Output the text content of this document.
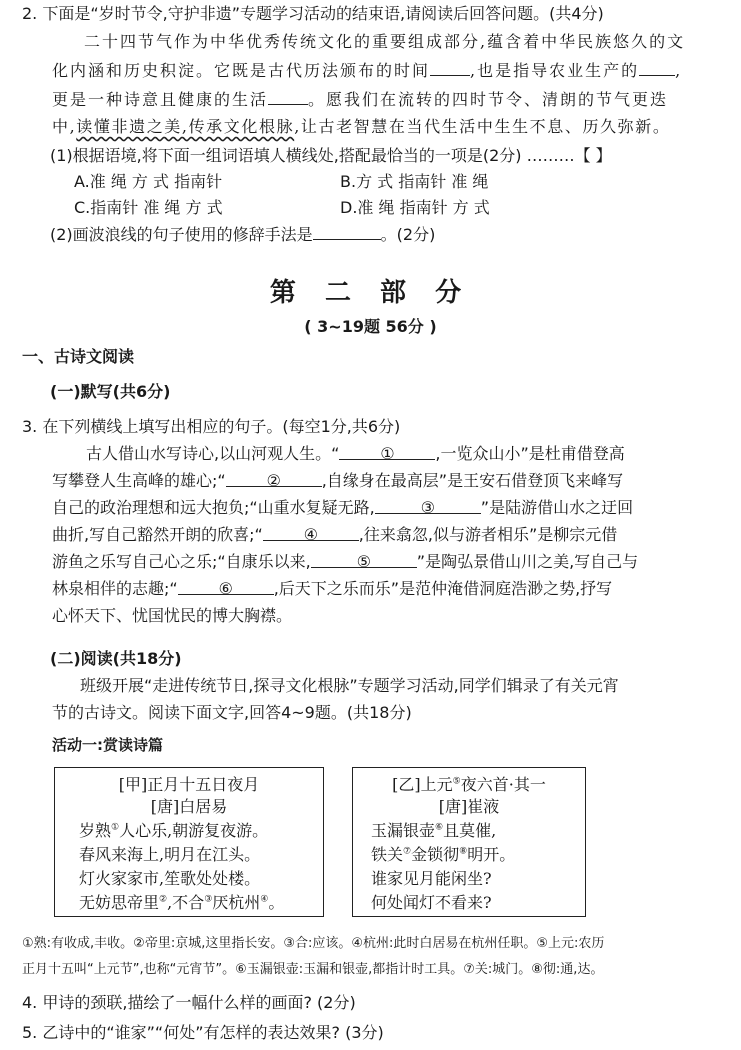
2. 下面是“岁时节令,守护非遗”专题学习活动的结束语,请阅读后回答问题。(共4分)
二十四节气作为中华优秀传统文化的重要组成部分,蕴含着中华民族悠久的文
化内涵和历史积淀。它既是古代历法颁布的时间	,也是指导农业生产的 ,
更是一种诗意且健康的生活	。愿我们在流转的四时节令、清朗的节气更迭
中,读懂非遗之美,传承文化根脉,让古老智慧在当代生活中生生不息、历久弥新。
(1)根据语境,将下面一组词语填人横线处,搭配最恰当的一项是(2分) ………【 】
A.准 绳 方 式 指南针	B.方 式 指南针 准 绳
C.指南针 准 绳 方 式	D.准 绳 指南针 方 式
(2)画波浪线的句子使用的修辞手法是	。(2分)
第 二 部 分
( 3~19题 56分 )
一、古诗文阅读
(一)默写(共6分)
3. 在下列横线上填写出相应的句子。(每空1分,共6分)
古人借山水写诗心,以山河观人生。“	①	,一览众山小”是杜甫借登高
写攀登人生高峰的雄心;“	②	,自缘身在最高层”是王安石借登顶飞来峰写
自己的政治理想和远大抱负;“山重水复疑无路,	③	”是陆游借山水之迂回
曲折,写自己豁然开朗的欣喜;“	④	,往来翕忽,似与游者相乐”是柳宗元借
游鱼之乐写自己心之乐;“自康乐以来,	⑤	”是陶弘景借山川之美,写自己与
林泉相伴的志趣;“	⑥	,后天下之乐而乐”是范仲淹借洞庭浩渺之势,抒写
心怀天下、忧国忧民的博大胸襟。
(二)阅读(共18分)
班级开展“走进传统节日,探寻文化根脉”专题学习活动,同学们辑录了有关元宵
节的古诗文。阅读下面文字,回答4~9题。(共18分)
活动一:赏读诗篇
[甲]正月十五日夜月
[唐]白居易
岁熟①人心乐,朝游复夜游。
春风来海上,明月在江头。
灯火家家市,笙歌处处楼。
无妨思帝里②,不合③厌杭州④。
[乙]上元⑤夜六首·其一
[唐]崔液
玉漏银壶⑥且莫催,
铁关⑦金锁彻⑧明开。
谁家见月能闲坐?
何处闻灯不看来?
①熟:有收成,丰收。②帝里:京城,这里指长安。③合:应该。④杭州:此时白居易在杭州任职。⑤上元:农历
正月十五叫“上元节”,也称“元宵节”。⑥玉漏银壶:玉漏和银壶,都指计时工具。⑦关:城门。⑧彻:通,达。
4. 甲诗的颈联,描绘了一幅什么样的画面? (2分)
5. 乙诗中的“谁家”“何处”有怎样的表达效果? (3分)
